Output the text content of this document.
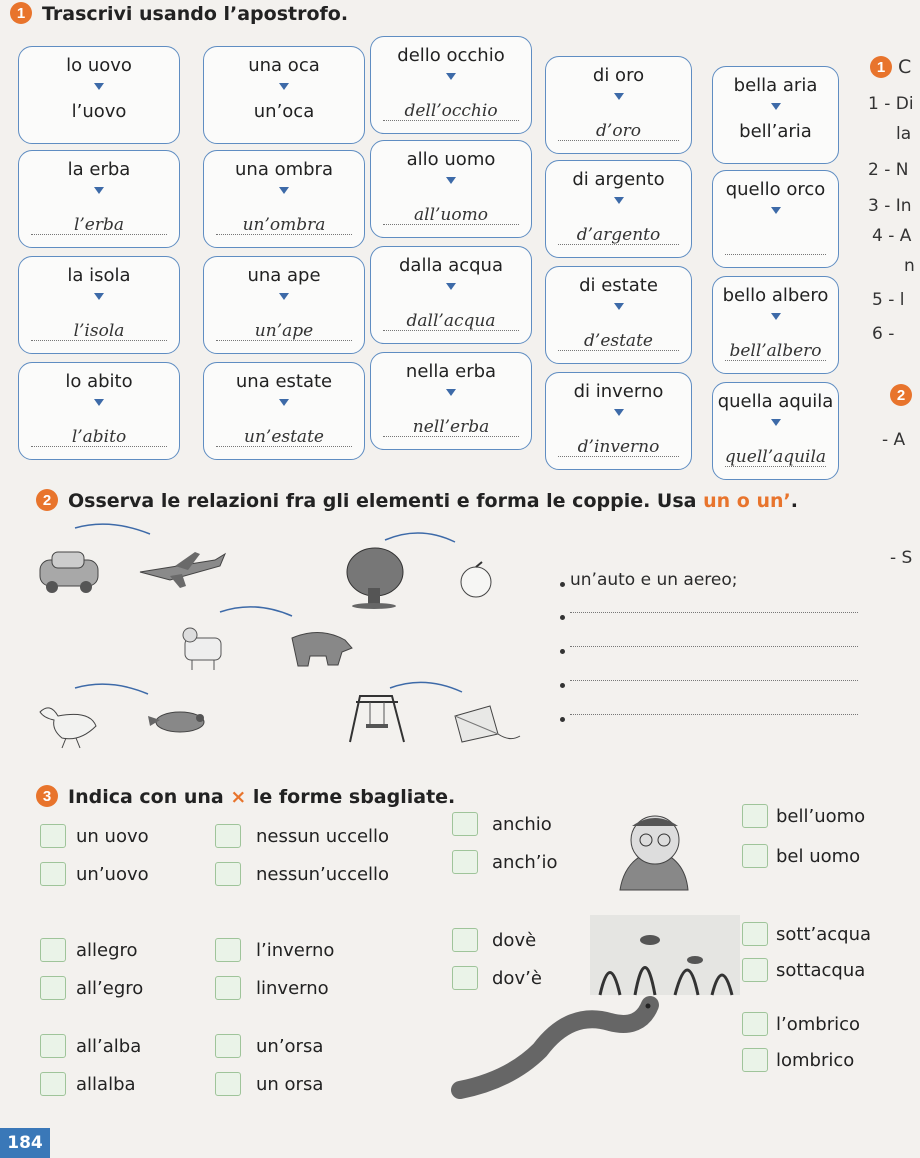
1 Trascrivi usando l’apostrofo.
lo uovo
l’uovo
una oca
un’oca
dello occhio
dell’occhio
di oro
d’oro
bella aria
bell’aria
la erba
l’erba
una ombra
un’ombra
allo uomo
all’uomo
di argento
d’argento
quello orco
la isola
l’isola
una ape
un’ape
dalla acqua
dall’acqua
di estate
d’estate
bello albero
bell’albero
lo abito
l’abito
una estate
un’estate
nella erba
nell’erba
di inverno
d’inverno
quella aquila
quell’aquila
1 C
1 - Di
la
2 - N
3 - In
4 - A
n
5 - l
6 -
2
- A
- S
2 Osserva le relazioni fra gli elementi e forma le coppie. Usa un o un’.
un’auto e un aereo;
3 Indica con una × le forme sbagliate.
un uovo
un’uovo
allegro
all’egro
all’alba
allalba
nessun uccello
nessun’uccello
l’inverno
linverno
un’orsa
un orsa
anchio
anch’io
dovè
dov’è
bell’uomo
bel uomo
sott’acqua
sottacqua
l’ombrico
lombrico
184
